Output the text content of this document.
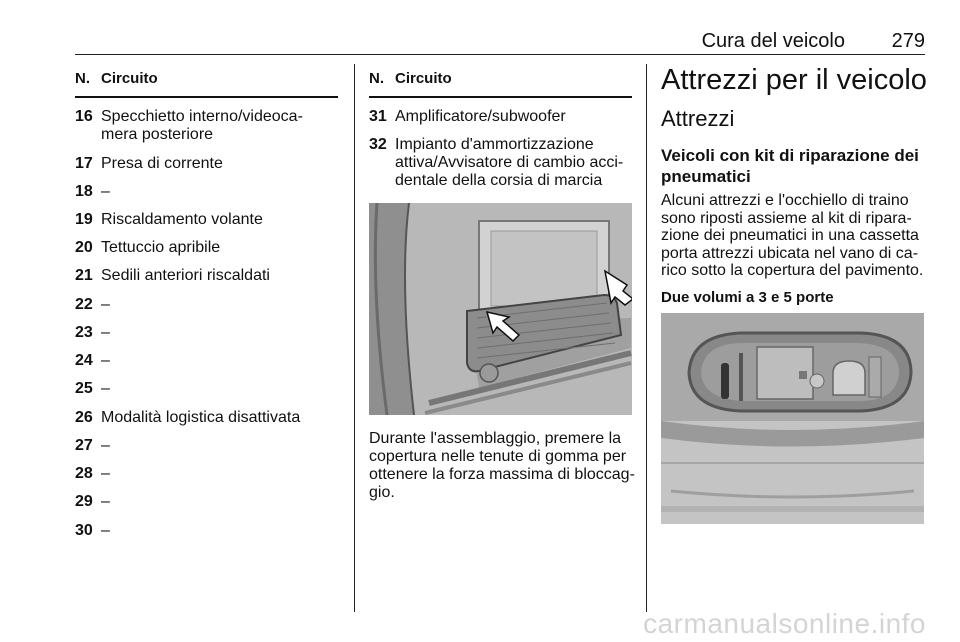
Cura del veicolo 279
N. Circuito
16 Specchietto interno/videoca-
mera posteriore
17 Presa di corrente
18 –
19 Riscaldamento volante
20 Tettuccio apribile
21 Sedili anteriori riscaldati
22 –
23 –
24 –
25 –
26 Modalità logistica disattivata
27 –
28 –
29 –
30 –
N. Circuito
31 Amplificatore/subwoofer
32 Impianto d'ammortizzazione
attiva/Avvisatore di cambio acci-
dentale della corsia di marcia
Durante l'assemblaggio, premere la
copertura nelle tenute di gomma per
ottenere la forza massima di bloccag-
gio.
Attrezzi per il veicolo
Attrezzi
Veicoli con kit di riparazione dei
pneumatici
Alcuni attrezzi e l'occhiello di traino
sono riposti assieme al kit di ripara-
zione dei pneumatici in una cassetta
porta attrezzi ubicata nel vano di ca-
rico sotto la copertura del pavimento.
Due volumi a 3 e 5 porte
carmanualsonline.info
